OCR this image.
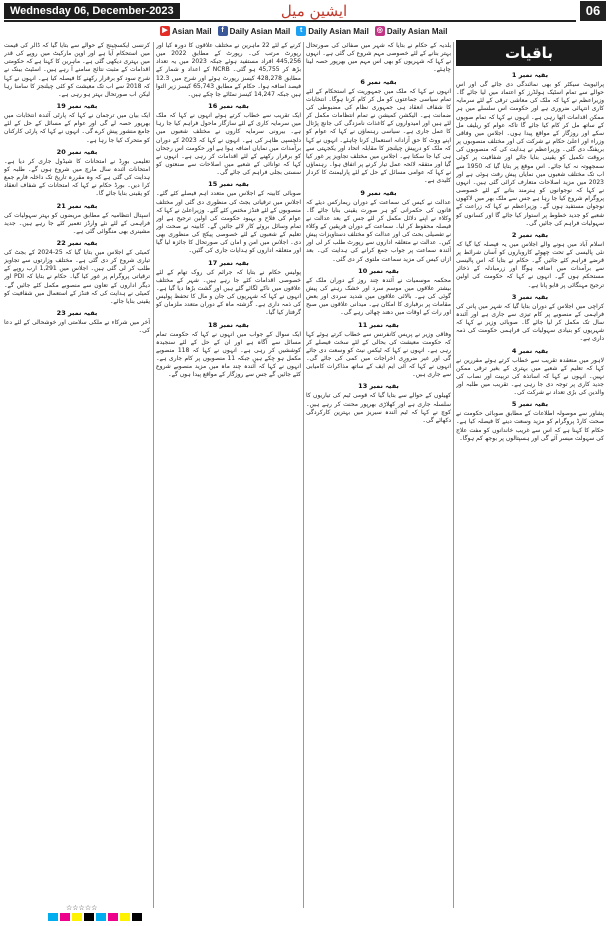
Wednesday 06, December-2023	ایشین میل	06
▶ Asian Mail	f Daily Asian Mail	t Daily Asian Mail ◎ Daily Asian Mail
باقیات
بقیہ نمبر 1

پرائیویٹ سیکٹر کو بھی نمائندگی دی جائے گی اور اس حوالے سے تمام اسٹیک ہولڈرز کو اعتماد میں لیا جائے گا۔ وزیراعظم نے کہا کہ ملک کی معاشی ترقی کے لئے سرمایہ کاری انتہائی ضروری ہے اور حکومت اس سلسلے میں ہر ممکن اقدامات اٹھا رہی ہے۔ انہوں نے کہا کہ تمام صوبوں کے ساتھ مل کر کام کیا جائے گا تاکہ عوام کو ریلیف مل سکے اور روزگار کے مواقع پیدا ہوں۔ اجلاس میں وفاقی وزراء اور اعلیٰ حکام نے شرکت کی اور مختلف منصوبوں پر بریفنگ دی گئی۔ وزیراعظم نے ہدایت کی کہ منصوبوں کی بروقت تکمیل کو یقینی بنایا جائے اور شفافیت پر کوئی سمجھوتہ نہ کیا جائے۔ اس موقع پر بتایا گیا کہ 1950 سے اب تک مختلف شعبوں میں نمایاں پیش رفت ہوئی ہے اور 2023 میں مزید اصلاحات متعارف کرائی گئی ہیں۔ انہوں نے کہا کہ نوجوانوں کو ہنرمند بنانے کے لئے خصوصی پروگرام شروع کیا جا رہا ہے جس سے ملک بھر میں لاکھوں نوجوان مستفید ہوں گے۔ وزیراعظم نے کہا کہ زراعت کے شعبے کو جدید خطوط پر استوار کیا جائے گا اور کسانوں کو سہولیات فراہم کی جائیں گی۔

بقیہ نمبر 2

اسلام آباد میں ہونے والے اجلاس میں یہ فیصلہ کیا گیا کہ نئی پالیسی کے تحت چھوٹے کاروباروں کو آسان شرائط پر قرضے فراہم کئے جائیں گے۔ حکام نے بتایا کہ اس پالیسی سے برآمدات میں اضافہ ہوگا اور زرمبادلہ کے ذخائر مستحکم ہوں گے۔ انہوں نے کہا کہ حکومت کی اولین ترجیح مہنگائی پر قابو پانا ہے۔

بقیہ نمبر 3

کراچی میں اجلاس کے دوران بتایا گیا کہ شہر میں پانی کی فراہمی کے منصوبے پر کام تیزی سے جاری ہے اور آئندہ سال تک مکمل کر لیا جائے گا۔ صوبائی وزیر نے کہا کہ شہریوں کو بنیادی سہولیات کی فراہمی حکومت کی ذمہ داری ہے۔

بقیہ نمبر 4

لاہور میں منعقدہ تقریب سے خطاب کرتے ہوئے مقررین نے کہا کہ تعلیم کے شعبے میں بہتری کے بغیر ترقی ممکن نہیں۔ انہوں نے کہا کہ اساتذہ کی تربیت اور نصاب کی جدید کاری پر توجہ دی جا رہی ہے۔ تقریب میں طلبہ اور والدین کی بڑی تعداد نے شرکت کی۔

بقیہ نمبر 5

پشاور سے موصولہ اطلاعات کے مطابق صوبائی حکومت نے صحت کارڈ پروگرام کو مزید وسعت دینے کا فیصلہ کیا ہے۔ حکام کا کہنا ہے کہ اس سے غریب خاندانوں کو مفت علاج کی سہولت میسر آئے گی اور ہسپتالوں پر بوجھ کم ہوگا۔

بلدیہ کے حکام نے بتایا کہ شہر میں صفائی کی صورتحال بہتر بنانے کے لئے خصوصی مہم شروع کی گئی ہے۔ انہوں نے کہا کہ شہریوں کو بھی اس مہم میں بھرپور حصہ لینا چاہئے۔

بقیہ نمبر 6

انہوں نے کہا کہ ملک میں جمہوریت کے استحکام کے لئے تمام سیاسی جماعتوں کو مل کر کام کرنا ہوگا۔ انتخابات کا شفاف انعقاد ہی جمہوری نظام کی مضبوطی کی ضمانت ہے۔ الیکشن کمیشن نے تمام انتظامات مکمل کر لئے ہیں اور امیدواروں کے کاغذات نامزدگی کی جانچ پڑتال کا عمل جاری ہے۔ سیاسی رہنماؤں نے کہا کہ عوام کو اپنے ووٹ کا حق آزادانہ استعمال کرنا چاہئے۔ انہوں نے کہا کہ ملک کو درپیش چیلنجز کا مقابلہ اتحاد اور یکجہتی سے ہی کیا جا سکتا ہے۔ اجلاس میں مختلف تجاویز پر غور کیا گیا اور متفقہ لائحہ عمل تیار کرنے پر اتفاق ہوا۔ رہنماؤں نے کہا کہ عوامی مسائل کے حل کے لئے پارلیمنٹ کا کردار کلیدی ہے۔

بقیہ نمبر 9

عدالت نے کیس کی سماعت کے دوران ریمارکس دیئے کہ قانون کی حکمرانی کو ہر صورت یقینی بنایا جائے گا۔ وکلاء نے اپنے دلائل مکمل کر لئے جس کے بعد عدالت نے فیصلہ محفوظ کر لیا۔ سماعت کے دوران فریقین کے وکلاء نے تفصیلی بحث کی اور عدالت کو مختلف دستاویزات پیش کیں۔ عدالت نے متعلقہ اداروں سے رپورٹ طلب کر لی اور آئندہ سماعت پر جواب جمع کرانے کی ہدایت کی۔ بعد ازاں کیس کی مزید سماعت ملتوی کر دی گئی۔

بقیہ نمبر 10

محکمہ موسمیات نے آئندہ چند روز کے دوران ملک کے بیشتر علاقوں میں موسم سرد اور خشک رہنے کی پیش گوئی کی ہے۔ بالائی علاقوں میں شدید سردی اور بعض مقامات پر برفباری کا امکان ہے۔ میدانی علاقوں میں صبح اور رات کے اوقات میں دھند چھائی رہے گی۔

بقیہ نمبر 11

وفاقی وزیر نے پریس کانفرنس سے خطاب کرتے ہوئے کہا کہ حکومت معیشت کی بحالی کے لئے سخت فیصلے کر رہی ہے۔ انہوں نے کہا کہ ٹیکس نیٹ کو وسعت دی جائے گی اور غیر ضروری اخراجات میں کمی کی جائے گی۔ انہوں نے کہا کہ آئی ایم ایف کے ساتھ مذاکرات کامیابی سے جاری ہیں۔

بقیہ نمبر 13

کھیلوں کے حوالے سے بتایا گیا کہ قومی ٹیم کی تیاریوں کا سلسلہ جاری ہے اور کھلاڑی بھرپور محنت کر رہے ہیں۔ کوچ نے کہا کہ ٹیم آئندہ سیریز میں بہترین کارکردگی دکھائے گی۔

کرنے کے لئے 22 ماہرین نے مختلف علاقوں کا دورہ کیا اور رپورٹ مرتب کی۔ رپورٹ کے مطابق 2022 میں 445,256 افراد مستفید ہوئے جبکہ 2023 میں یہ تعداد بڑھ کر 45,755 ہو گئی۔ NCRB کے اعداد و شمار کے مطابق 428,278 کیسز رپورٹ ہوئے اور شرح میں 12.3 فیصد اضافہ ہوا۔ حکام کے مطابق 65,743 کیسز زیر التوا ہیں جبکہ 14,247 کیسز نمٹائے جا چکے ہیں۔

بقیہ نمبر 16

ایک تقریب سے خطاب کرتے ہوئے انہوں نے کہا کہ ملک میں سرمایہ کاری کے لئے سازگار ماحول فراہم کیا جا رہا ہے۔ بیرونی سرمایہ کاروں نے مختلف شعبوں میں دلچسپی ظاہر کی ہے۔ انہوں نے کہا کہ 2023 کے دوران برآمدات میں نمایاں اضافہ ہوا ہے اور حکومت اس رجحان کو برقرار رکھنے کے لئے اقدامات کر رہی ہے۔ انہوں نے کہا کہ توانائی کے شعبے میں اصلاحات سے صنعتوں کو سستی بجلی فراہم کی جائے گی۔

بقیہ نمبر 15

صوبائی کابینہ کے اجلاس میں متعدد اہم فیصلے کئے گئے۔ اجلاس میں ترقیاتی بجٹ کی منظوری دی گئی اور مختلف منصوبوں کے لئے فنڈز مختص کئے گئے۔ وزیراعلیٰ نے کہا کہ عوام کی فلاح و بہبود حکومت کی اولین ترجیح ہے اور تمام وسائل بروئے کار لائے جائیں گے۔ کابینہ نے صحت اور تعلیم کے شعبوں کے لئے خصوصی پیکج کی منظوری بھی دی۔ اجلاس میں امن و امان کی صورتحال کا جائزہ لیا گیا اور متعلقہ اداروں کو ہدایات جاری کی گئیں۔

بقیہ نمبر 17

پولیس حکام نے بتایا کہ جرائم کی روک تھام کے لئے خصوصی اقدامات کئے جا رہے ہیں۔ شہر کے مختلف علاقوں میں ناکے لگائے گئے ہیں اور گشت بڑھا دیا گیا ہے۔ انہوں نے کہا کہ شہریوں کی جان و مال کا تحفظ پولیس کی ذمہ داری ہے۔ گزشتہ ماہ کے دوران متعدد ملزمان کو گرفتار کیا گیا۔

بقیہ نمبر 18

ایک سوال کے جواب میں انہوں نے کہا کہ حکومت تمام مسائل سے آگاہ ہے اور ان کے حل کے لئے سنجیدہ کوششیں کر رہی ہے۔ انہوں نے کہا کہ 118 منصوبے مکمل ہو چکے ہیں جبکہ 11 منصوبوں پر کام جاری ہے۔ انہوں نے کہا کہ آئندہ چند ماہ میں مزید منصوبے شروع کئے جائیں گے جس سے روزگار کے مواقع پیدا ہوں گے۔

کرنسی ایکسچینج کے حوالے سے بتایا گیا کہ ڈالر کی قیمت میں استحکام آیا ہے اور اوپن مارکیٹ میں روپے کی قدر میں بہتری دیکھی گئی ہے۔ ماہرین کا کہنا ہے کہ حکومتی اقدامات کے مثبت نتائج سامنے آ رہے ہیں۔ اسٹیٹ بینک نے شرح سود کو برقرار رکھنے کا فیصلہ کیا ہے۔ انہوں نے کہا کہ 2018 سے اب تک معیشت کو کئی چیلنجز کا سامنا رہا لیکن اب صورتحال بہتر ہو رہی ہے۔

بقیہ نمبر 19

ایک بیان میں ترجمان نے کہا کہ پارٹی آئندہ انتخابات میں بھرپور حصہ لے گی اور عوام کے مسائل کے حل کے لئے جامع منشور پیش کرے گی۔ انہوں نے کہا کہ پارٹی کارکنان کو متحرک کیا جا رہا ہے۔

بقیہ نمبر 20

تعلیمی بورڈ نے امتحانات کا شیڈول جاری کر دیا ہے۔ امتحانات آئندہ سال مارچ میں شروع ہوں گے۔ طلبہ کو ہدایت کی گئی ہے کہ وہ مقررہ تاریخ تک داخلہ فارم جمع کرا دیں۔ بورڈ حکام نے کہا کہ امتحانات کے شفاف انعقاد کو یقینی بنایا جائے گا۔

بقیہ نمبر 21

اسپتال انتظامیہ کے مطابق مریضوں کو بہتر سہولیات کی فراہمی کے لئے نئے وارڈز تعمیر کئے جا رہے ہیں۔ جدید مشینری بھی منگوائی گئی ہے۔

بقیہ نمبر 22

کمیٹی کے اجلاس میں بتایا گیا کہ 25-2024 کے بجٹ کی تیاری شروع کر دی گئی ہے۔ مختلف وزارتوں سے تجاویز طلب کر لی گئی ہیں۔ اجلاس میں 1,291 ارب روپے کے ترقیاتی پروگرام پر غور کیا گیا۔ حکام نے بتایا کہ PDI اور دیگر اداروں کے تعاون سے منصوبے مکمل کئے جائیں گے۔ کمیٹی نے ہدایت کی کہ فنڈز کے استعمال میں شفافیت کو یقینی بنایا جائے۔

بقیہ نمبر 23

آخر میں شرکاء نے ملکی سلامتی اور خوشحالی کے لئے دعا کی۔

☆☆☆☆☆
